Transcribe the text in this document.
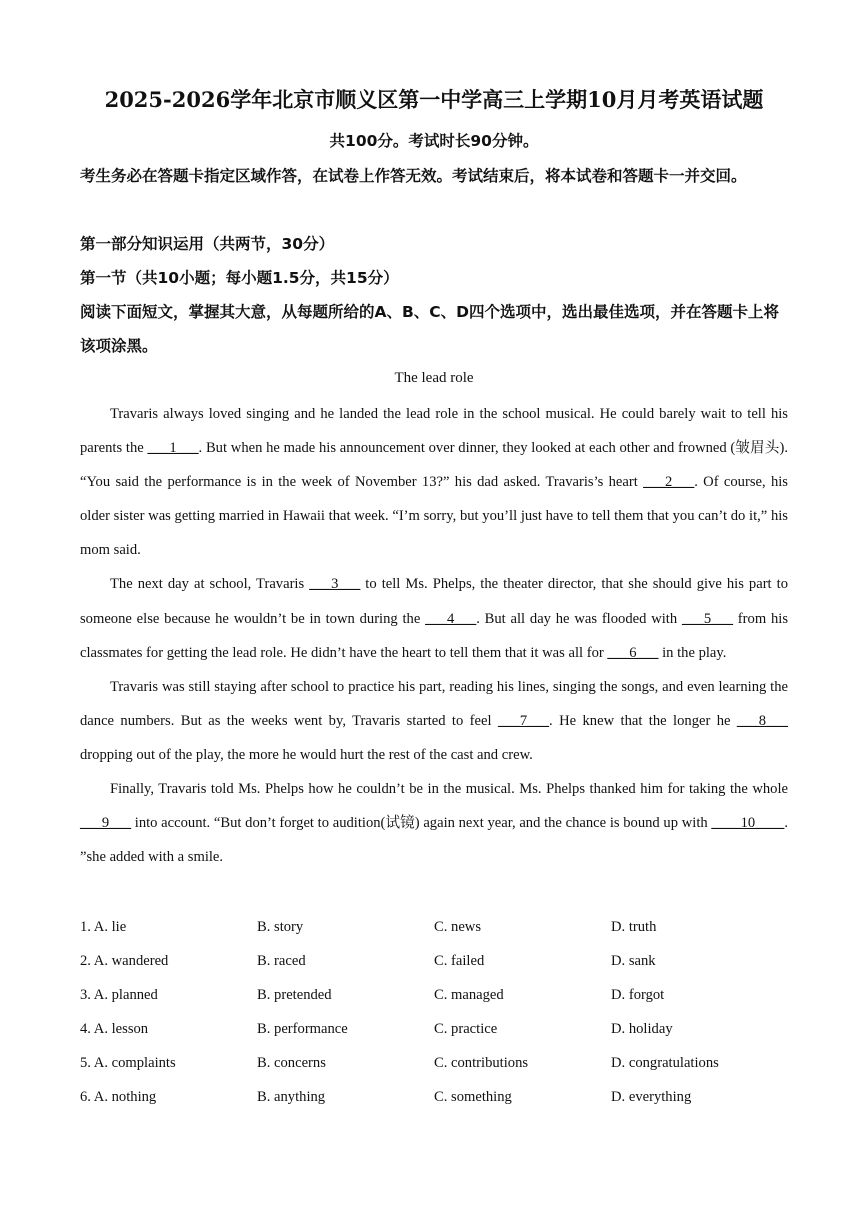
2025-2026学年北京市顺义区第一中学高三上学期10月月考英语试题
共100分。考试时长90分钟。
考生务必在答题卡指定区域作答，在试卷上作答无效。考试结束后，将本试卷和答题卡一并交回。
第一部分知识运用（共两节，30分）
第一节（共10小题；每小题1.5分，共15分）
阅读下面短文，掌握其大意，从每题所给的A、B、C、D四个选项中，选出最佳选项，并在答题卡上将该项涂黑。
The lead role

Travaris always loved singing and he landed the lead role in the school musical. He could barely wait to tell his parents the ___1___. But when he made his announcement over dinner, they looked at each other and frowned (皱眉头). “You said the performance is in the week of November 13?” his dad asked. Travaris’s heart ___2___. Of course, his older sister was getting married in Hawaii that week. “I’m sorry, but you’ll just have to tell them that you can’t do it,” his mom said.

The next day at school, Travaris ___3___ to tell Ms. Phelps, the theater director, that she should give his part to someone else because he wouldn’t be in town during the ___4___. But all day he was flooded with ___5___ from his classmates for getting the lead role. He didn’t have the heart to tell them that it was all for ___6___ in the play.

Travaris was still staying after school to practice his part, reading his lines, singing the songs, and even learning the dance numbers. But as the weeks went by, Travaris started to feel ___7___. He knew that the longer he ___8___ dropping out of the play, the more he would hurt the rest of the cast and crew.

Finally, Travaris told Ms. Phelps how he couldn’t be in the musical. Ms. Phelps thanked him for taking the whole ___9___ into account. “But don’t forget to audition(试镜) again next year, and the chance is bound up with ____10____. ”she added with a smile.

1. A. lie	B. story	C. news	D. truth
2. A. wandered	B. raced	C. failed	D. sank
3. A. planned	B. pretended	C. managed	D. forgot
4. A. lesson	B. performance	C. practice	D. holiday
5. A. complaints	B. concerns	C. contributions	D. congratulations
6. A. nothing	B. anything	C. something	D. everything
